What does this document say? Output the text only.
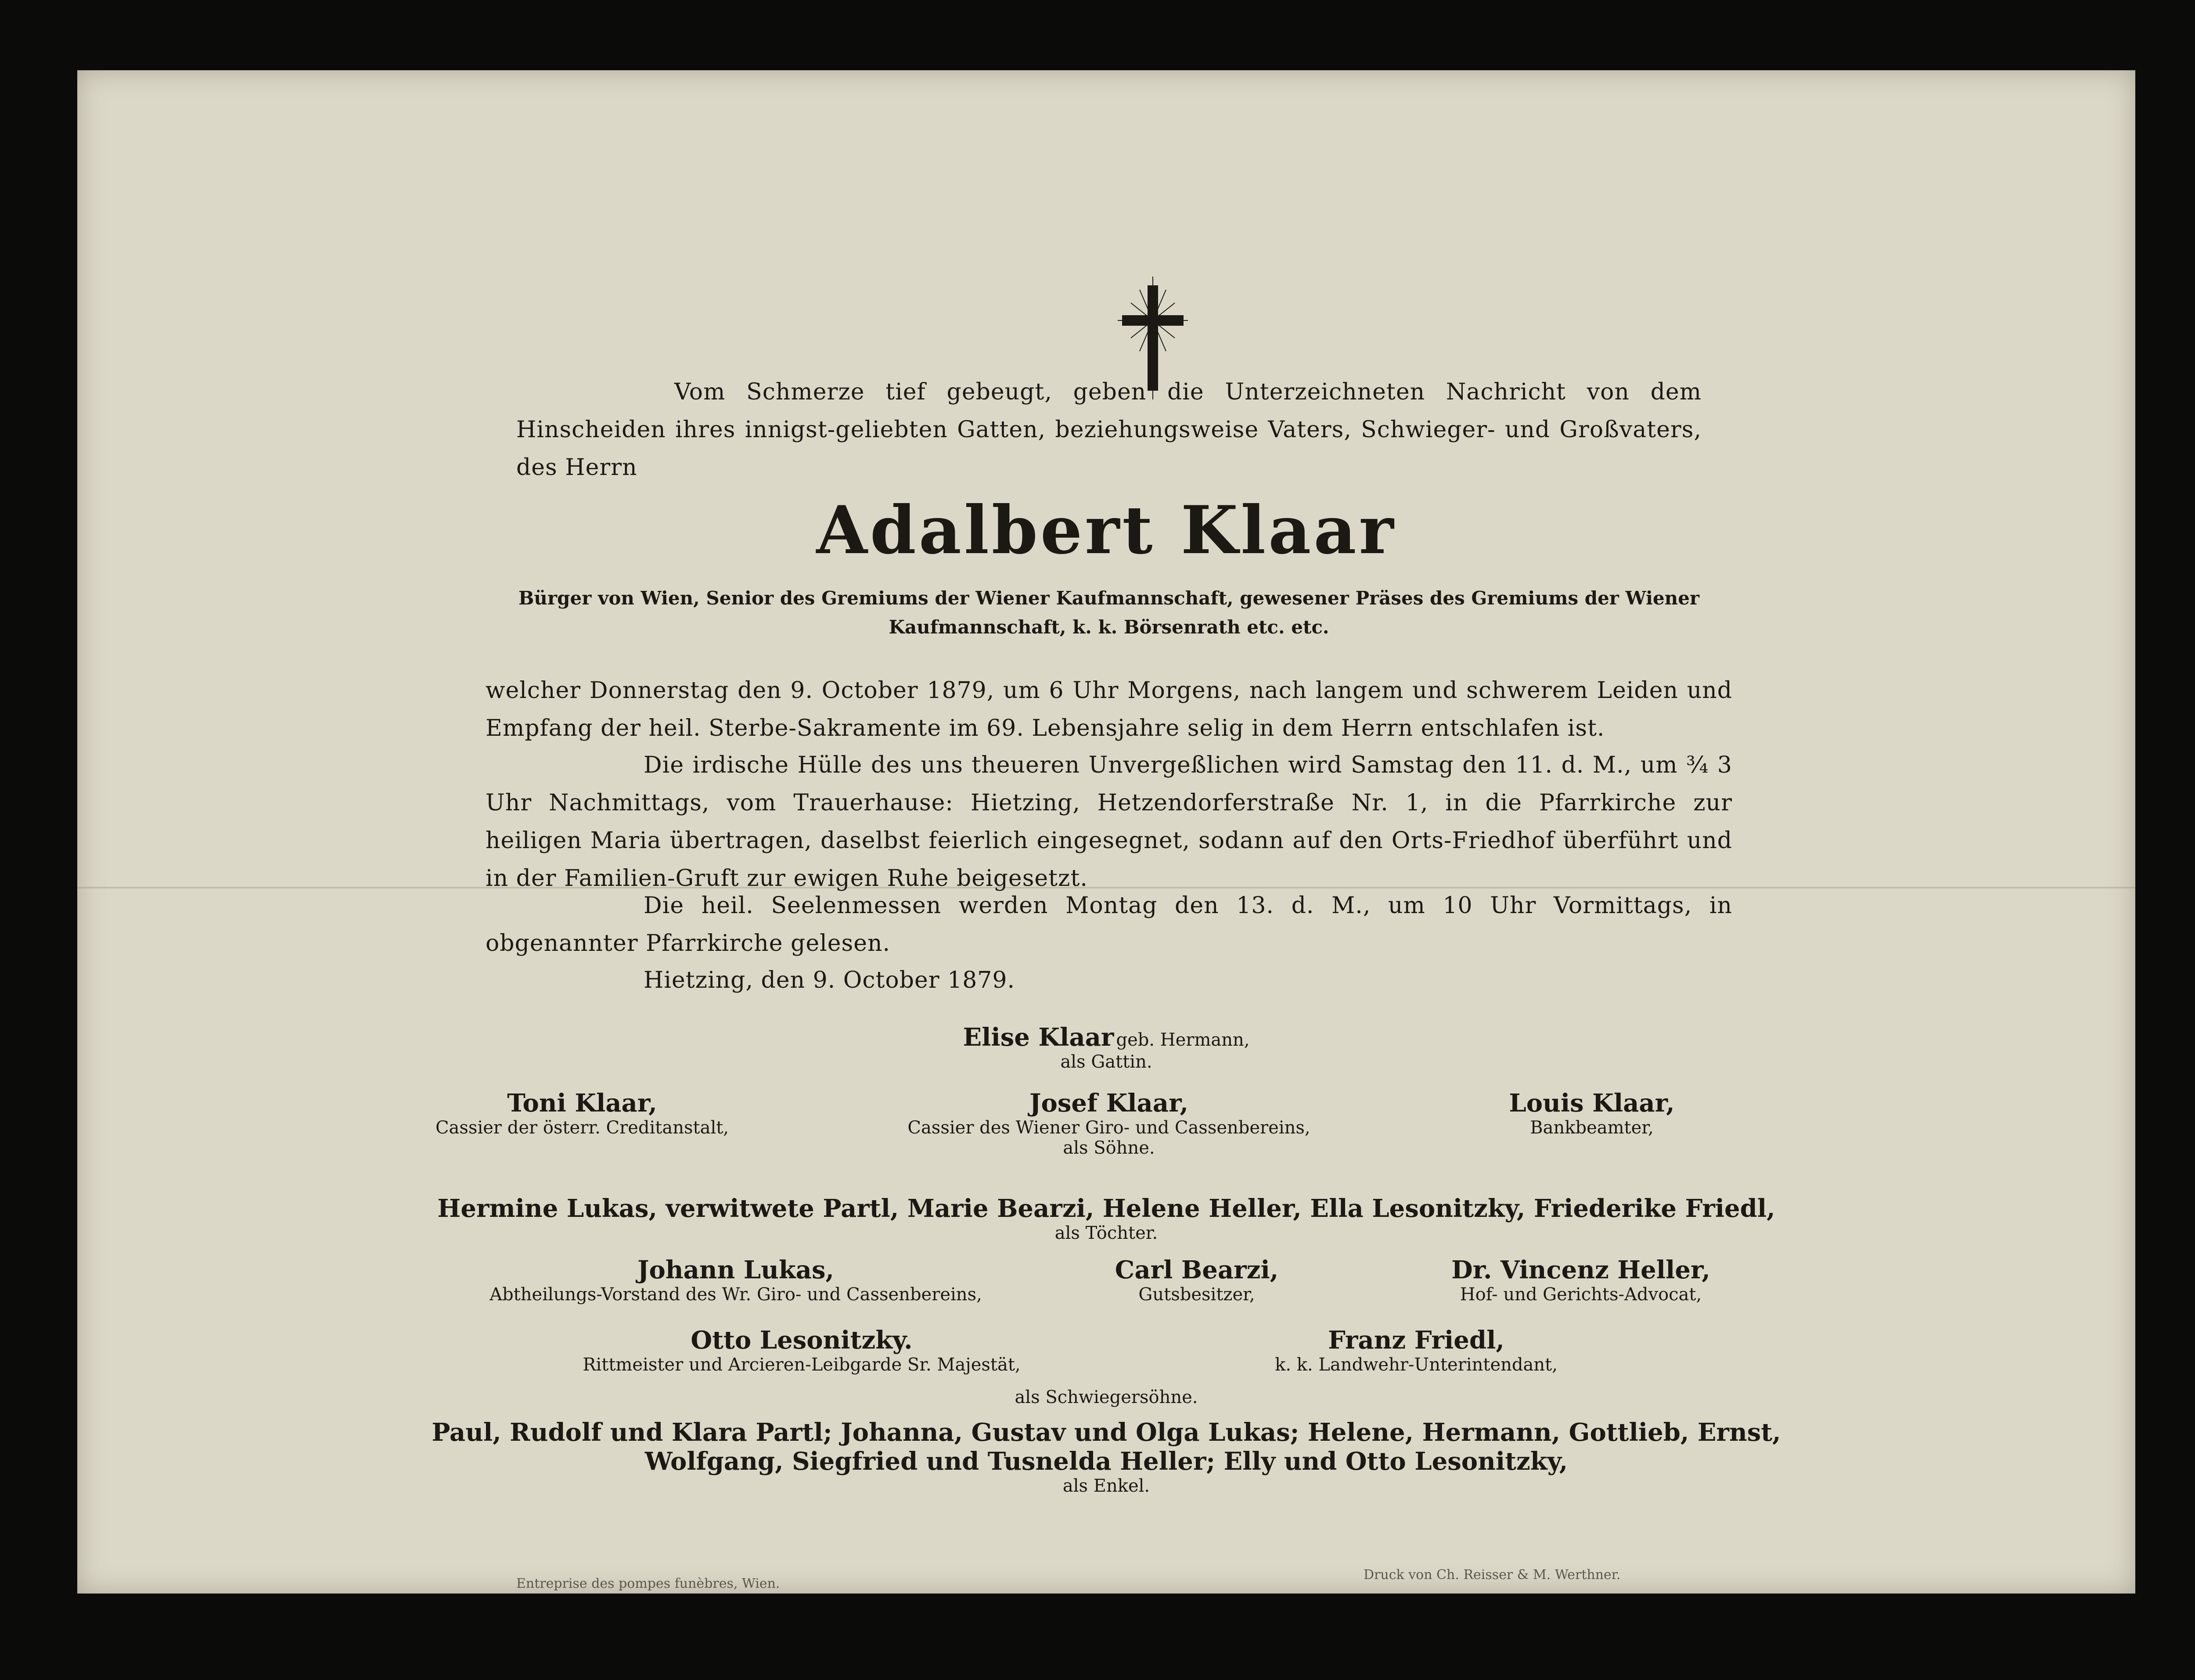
Vom Schmerze tief gebeugt, geben die Unterzeichneten Nachricht von dem Hinscheiden ihres innigst-geliebten Gatten, beziehungsweise Vaters, Schwieger- und Großvaters, des Herrn
Adalbert Klaar
Bürger von Wien, Senior des Gremiums der Wiener Kaufmannschaft, gewesener Präses des Gremiums der Wiener Kaufmannschaft, k. k. Börsenrath etc. etc.
welcher Donnerstag den 9. October 1879, um 6 Uhr Morgens, nach langem und schwerem Leiden und Empfang der heil. Sterbe-Sakramente im 69. Lebensjahre selig in dem Herrn entschlafen ist.
Die irdische Hülle des uns theueren Unvergeßlichen wird Samstag den 11. d. M., um ¾ 3 Uhr Nachmittags, vom Trauerhause: Hietzing, Hetzendorferstraße Nr. 1, in die Pfarrkirche zur heiligen Maria übertragen, daselbst feierlich eingesegnet, sodann auf den Orts-Friedhof überführt und in der Familien-Gruft zur ewigen Ruhe beigesetzt.
Die heil. Seelenmessen werden Montag den 13. d. M., um 10 Uhr Vormittags, in obgenannter Pfarrkirche gelesen.
Hietzing, den 9. October 1879.
Elise Klaar geb. Hermann,
als Gattin.
Toni Klaar,
Cassier der österr. Creditanstalt,
Josef Klaar,
Cassier des Wiener Giro- und Cassenbereins,
als Söhne.
Louis Klaar,
Bankbeamter,
Hermine Lukas, verwitwete Partl, Marie Bearzi, Helene Heller, Ella Lesonitzky, Friederike Friedl,
als Töchter.
Johann Lukas,
Abtheilungs-Vorstand des Wr. Giro- und Cassenbereins,
Carl Bearzi,
Gutsbesitzer,
Dr. Vincenz Heller,
Hof- und Gerichts-Advocat,
Otto Lesonitzky.
Rittmeister und Arcieren-Leibgarde Sr. Majestät,
Franz Friedl,
k. k. Landwehr-Unterintendant,
als Schwiegersöhne.
Paul, Rudolf und Klara Partl; Johanna, Gustav und Olga Lukas; Helene, Hermann, Gottlieb, Ernst,
Wolfgang, Siegfried und Tusnelda Heller; Elly und Otto Lesonitzky,
als Enkel.
Entreprise des pompes funèbres, Wien.
Druck von Ch. Reisser & M. Werthner.
